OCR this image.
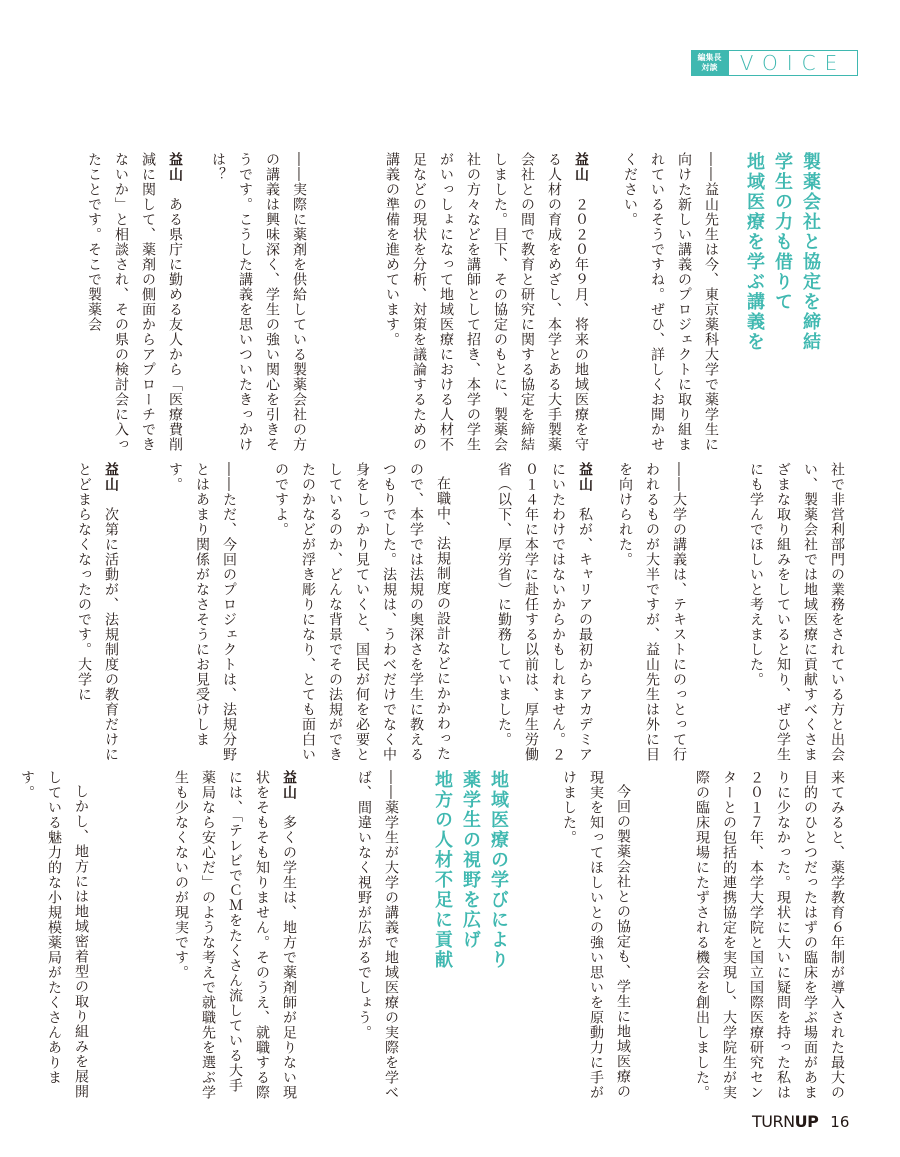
編集長
対談	VOICE
製薬会社と協定を締結
学生の力も借りて
地域医療を学ぶ講義を
――益山先生は今、東京薬科大学で薬学生に向けた新しい講義のプロジェクトに取り組まれているそうですね。ぜひ、詳しくお聞かせください。
益山　２０２０年９月、将来の地域医療を守る人材の育成をめざし、本学とある大手製薬会社との間で教育と研究に関する協定を締結しました。目下、その協定のもとに、製薬会社の方々などを講師として招き、本学の学生がいっしょになって地域医療における人材不足などの現状を分析、対策を議論するための講義の準備を進めています。
――実際に薬剤を供給している製薬会社の方の講義は興味深く、学生の強い関心を引きそうです。こうした講義を思いついたきっかけは？
益山　ある県庁に勤める友人から「医療費削減に関して、薬剤の側面からアプローチできないか」と相談され、その県の検討会に入ったことです。そこで製薬会
社で非営利部門の業務をされている方と出会い、製薬会社では地域医療に貢献すべくさまざまな取り組みをしていると知り、ぜひ学生にも学んでほしいと考えました。
――大学の講義は、テキストにのっとって行われるものが大半ですが、益山先生は外に目を向けられた。
益山　私が、キャリアの最初からアカデミアにいたわけではないからかもしれません。２０１４年に本学に赴任する以前は、厚生労働省（以下、厚労省）に勤務していました。
在職中、法規制度の設計などにかかわったので、本学では法規の奥深さを学生に教えるつもりでした。法規は、うわべだけでなく中身をしっかり見ていくと、国民が何を必要としているのか、どんな背景でその法規ができたのかなどが浮き彫りになり、とても面白いのですよ。
――ただ、今回のプロジェクトは、法規分野とはあまり関係がなさそうにお見受けします。
益山　次第に活動が、法規制度の教育だけにとどまらなくなったのです。大学に
来てみると、薬学教育６年制が導入された最大の目的のひとつだったはずの臨床を学ぶ場面があまりに少なかった。現状に大いに疑問を持った私は２０１７年、本学大学院と国立国際医療研究センターとの包括的連携協定を実現し、大学院生が実際の臨床現場にたずされる機会を創出しました。
今回の製薬会社との協定も、学生に地域医療の現実を知ってほしいとの強い思いを原動力に手がけました。
地域医療の学びにより
薬学生の視野を広げ
地方の人材不足に貢献
――薬学生が大学の講義で地域医療の実際を学べば、間違いなく視野が広がるでしょう。
益山　多くの学生は、地方で薬剤師が足りない現状をそもそも知りません。そのうえ、就職する際には、「テレビでＣＭをたくさん流している大手薬局なら安心だ」のような考えで就職先を選ぶ学生も少なくないのが現実です。
しかし、地方には地域密着型の取り組みを展開している魅力的な小規模薬局がたくさんあります。
TURNUP 16
